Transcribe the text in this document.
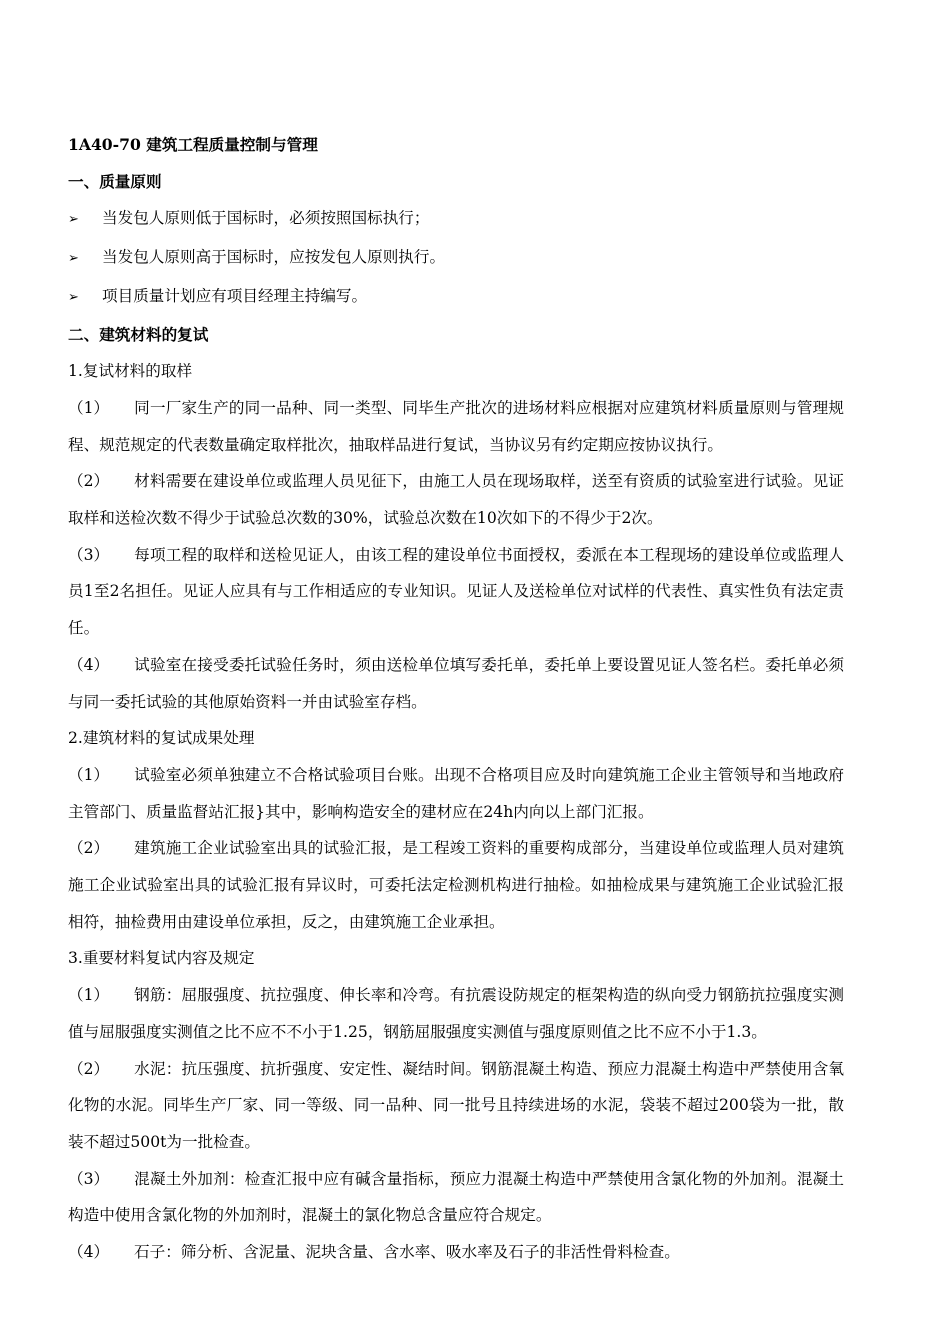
1A40-70 建筑工程质量控制与管理

一、质量原则

➢	当发包人原则低于国标时，必须按照国标执行；
➢	当发包人原则高于国标时，应按发包人原则执行。
➢	项目质量计划应有项目经理主持编写。

二、建筑材料的复试

1.复试材料的取样

（1） 同一厂家生产的同一品种、同一类型、同毕生产批次的进场材料应根据对应建筑材料质量原则与管理规程、规范规定的代表数量确定取样批次，抽取样品进行复试，当协议另有约定期应按协议执行。

（2） 材料需要在建设单位或监理人员见征下，由施工人员在现场取样，送至有资质的试验室进行试验。见证取样和送检次数不得少于试验总次数的30%，试验总次数在10次如下的不得少于2次。

（3） 每项工程的取样和送检见证人，由该工程的建设单位书面授权，委派在本工程现场的建设单位或监理人员1至2名担任。见证人应具有与工作相适应的专业知识。见证人及送检单位对试样的代表性、真实性负有法定责任。

（4） 试验室在接受委托试验任务时，须由送检单位填写委托单，委托单上要设置见证人签名栏。委托单必须与同一委托试验的其他原始资料一并由试验室存档。

2.建筑材料的复试成果处理

（1） 试验室必须单独建立不合格试验项目台账。出现不合格项目应及时向建筑施工企业主管领导和当地政府主管部门、质量监督站汇报}其中，影响构造安全的建材应在24h内向以上部门汇报。

（2） 建筑施工企业试验室出具的试验汇报，是工程竣工资料的重要构成部分，当建设单位或监理人员对建筑施工企业试验室出具的试验汇报有异议时，可委托法定检测机构进行抽检。如抽检成果与建筑施工企业试验汇报相符，抽检费用由建设单位承担，反之，由建筑施工企业承担。

3.重要材料复试内容及规定

（1） 钢筋：屈服强度、抗拉强度、伸长率和冷弯。有抗震设防规定的框架构造的纵向受力钢筋抗拉强度实测值与屈服强度实测值之比不应不不小于1.25，钢筋屈服强度实测值与强度原则值之比不应不小于1.3。

（2） 水泥：抗压强度、抗折强度、安定性、凝结时间。钢筋混凝土构造、预应力混凝土构造中严禁使用含氧化物的水泥。同毕生产厂家、同一等级、同一品种、同一批号且持续进场的水泥，袋装不超过200袋为一批，散装不超过500t为一批检查。

（3） 混凝土外加剂：检查汇报中应有碱含量指标，预应力混凝土构造中严禁使用含氯化物的外加剂。混凝土构造中使用含氯化物的外加剂时，混凝土的氯化物总含量应符合规定。

（4） 石子：筛分析、含泥量、泥块含量、含水率、吸水率及石子的非活性骨料检查。
